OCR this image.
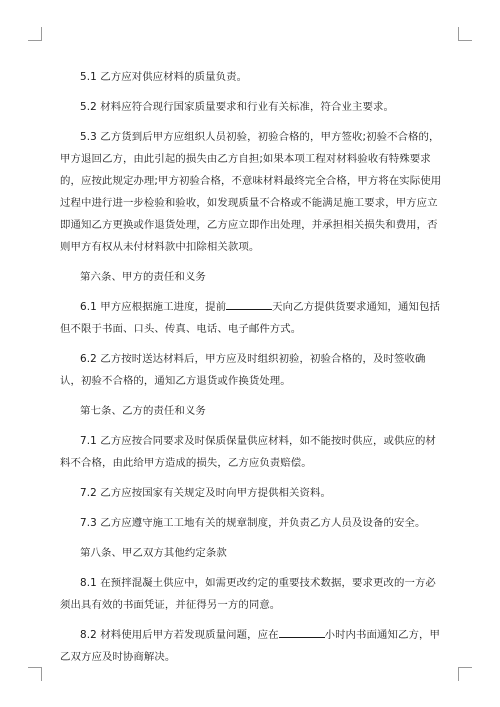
5.1 乙方应对供应材料的质量负责。

5.2 材料应符合现行国家质量要求和行业有关标准，符合业主要求。

5.3 乙方货到后甲方应组织人员初验，初验合格的，甲方签收;初验不合格的，甲方退回乙方，由此引起的损失由乙方自担;如果本项工程对材料验收有特殊要求的，应按此规定办理;甲方初验合格，不意味材料最终完全合格，甲方将在实际使用过程中进行进一步检验和验收，如发现质量不合格或不能满足施工要求，甲方应立即通知乙方更换或作退货处理，乙方应立即作出处理，并承担相关损失和费用，否则甲方有权从未付材料款中扣除相关款项。

第六条、甲方的责任和义务

6.1 甲方应根据施工进度，提前	天向乙方提供货要求通知，通知包括但不限于书面、口头、传真、电话、电子邮件方式。

6.2 乙方按时送达材料后，甲方应及时组织初验，初验合格的，及时签收确认，初验不合格的，通知乙方退货或作换货处理。

第七条、乙方的责任和义务

7.1 乙方应按合同要求及时保质保量供应材料，如不能按时供应，或供应的材料不合格，由此给甲方造成的损失，乙方应负责赔偿。

7.2 乙方应按国家有关规定及时向甲方提供相关资料。

7.3 乙方应遵守施工工地有关的规章制度，并负责乙方人员及设备的安全。

第八条、甲乙双方其他约定条款

8.1 在预拌混凝土供应中，如需更改约定的重要技术数据，要求更改的一方必须出具有效的书面凭证，并征得另一方的同意。

8.2 材料使用后甲方若发现质量问题，应在	小时内书面通知乙方，甲乙双方应及时协商解决。
